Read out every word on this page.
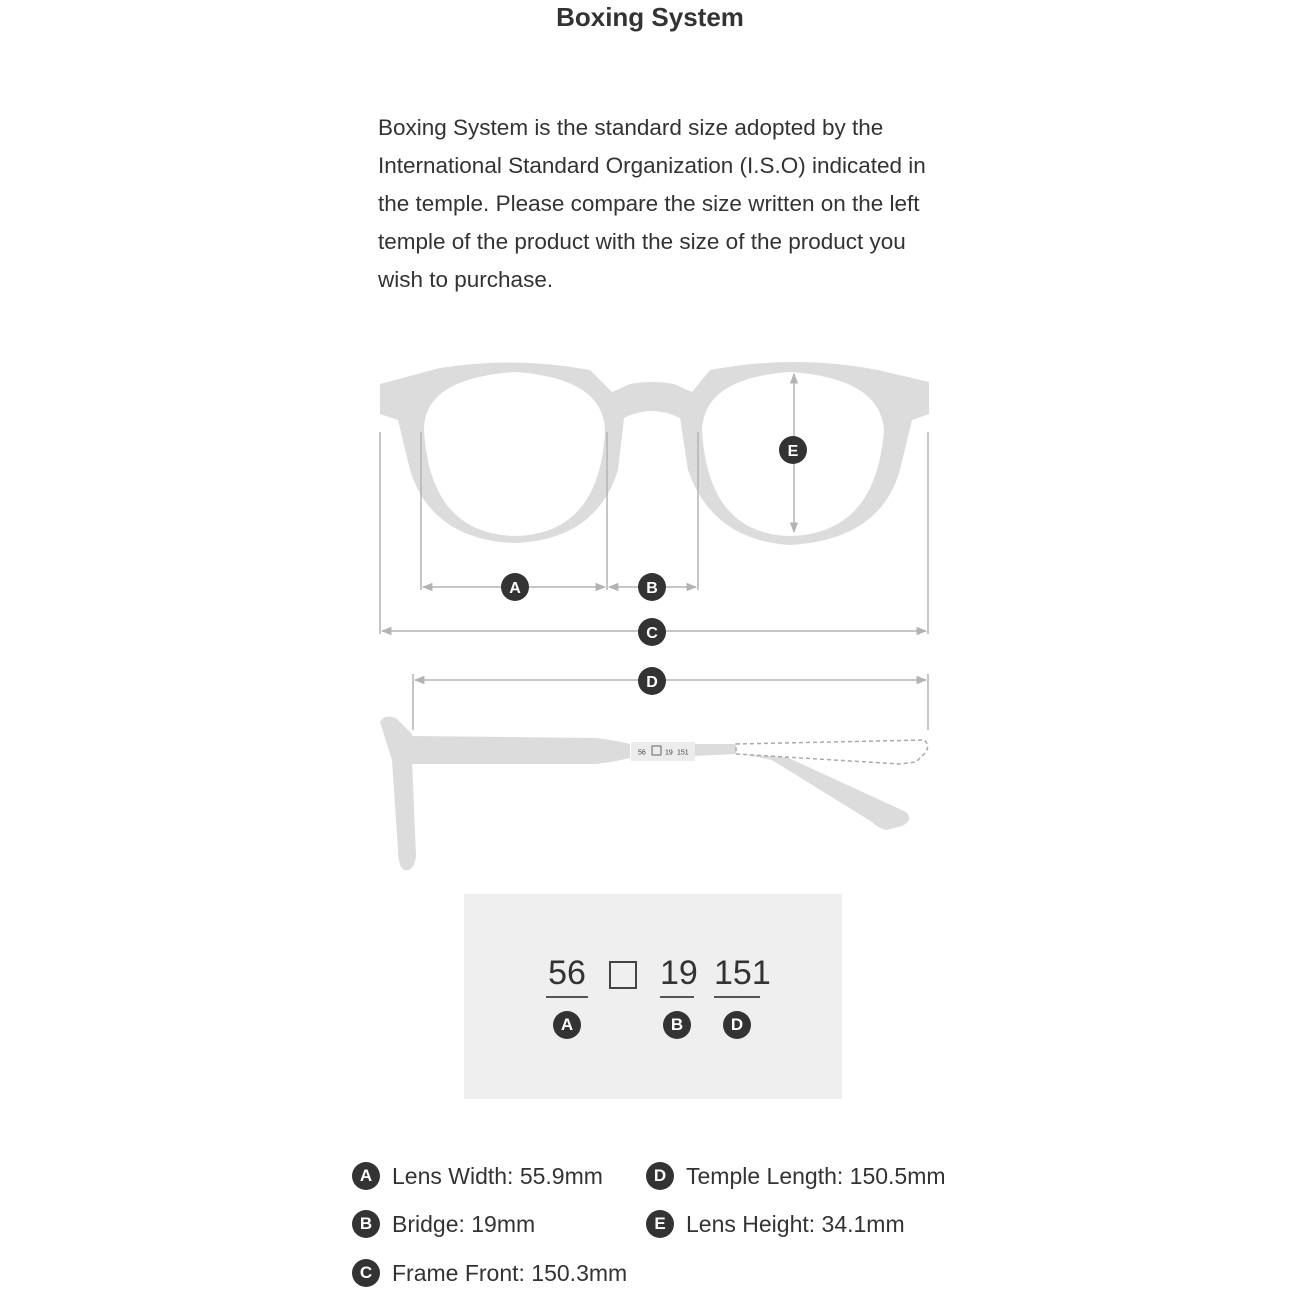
Boxing System
Boxing System is the standard size adopted by the International Standard Organization (I.S.O) indicated in the temple. Please compare the size written on the left temple of the product with the size of the product you wish to purchase.
A	B
C
D
E
56	19 151
56 19 151
A	B	D
A Lens Width: 55.9mm	D Temple Length: 150.5mm
B Bridge: 19mm	E Lens Height: 34.1mm
C Frame Front: 150.3mm
